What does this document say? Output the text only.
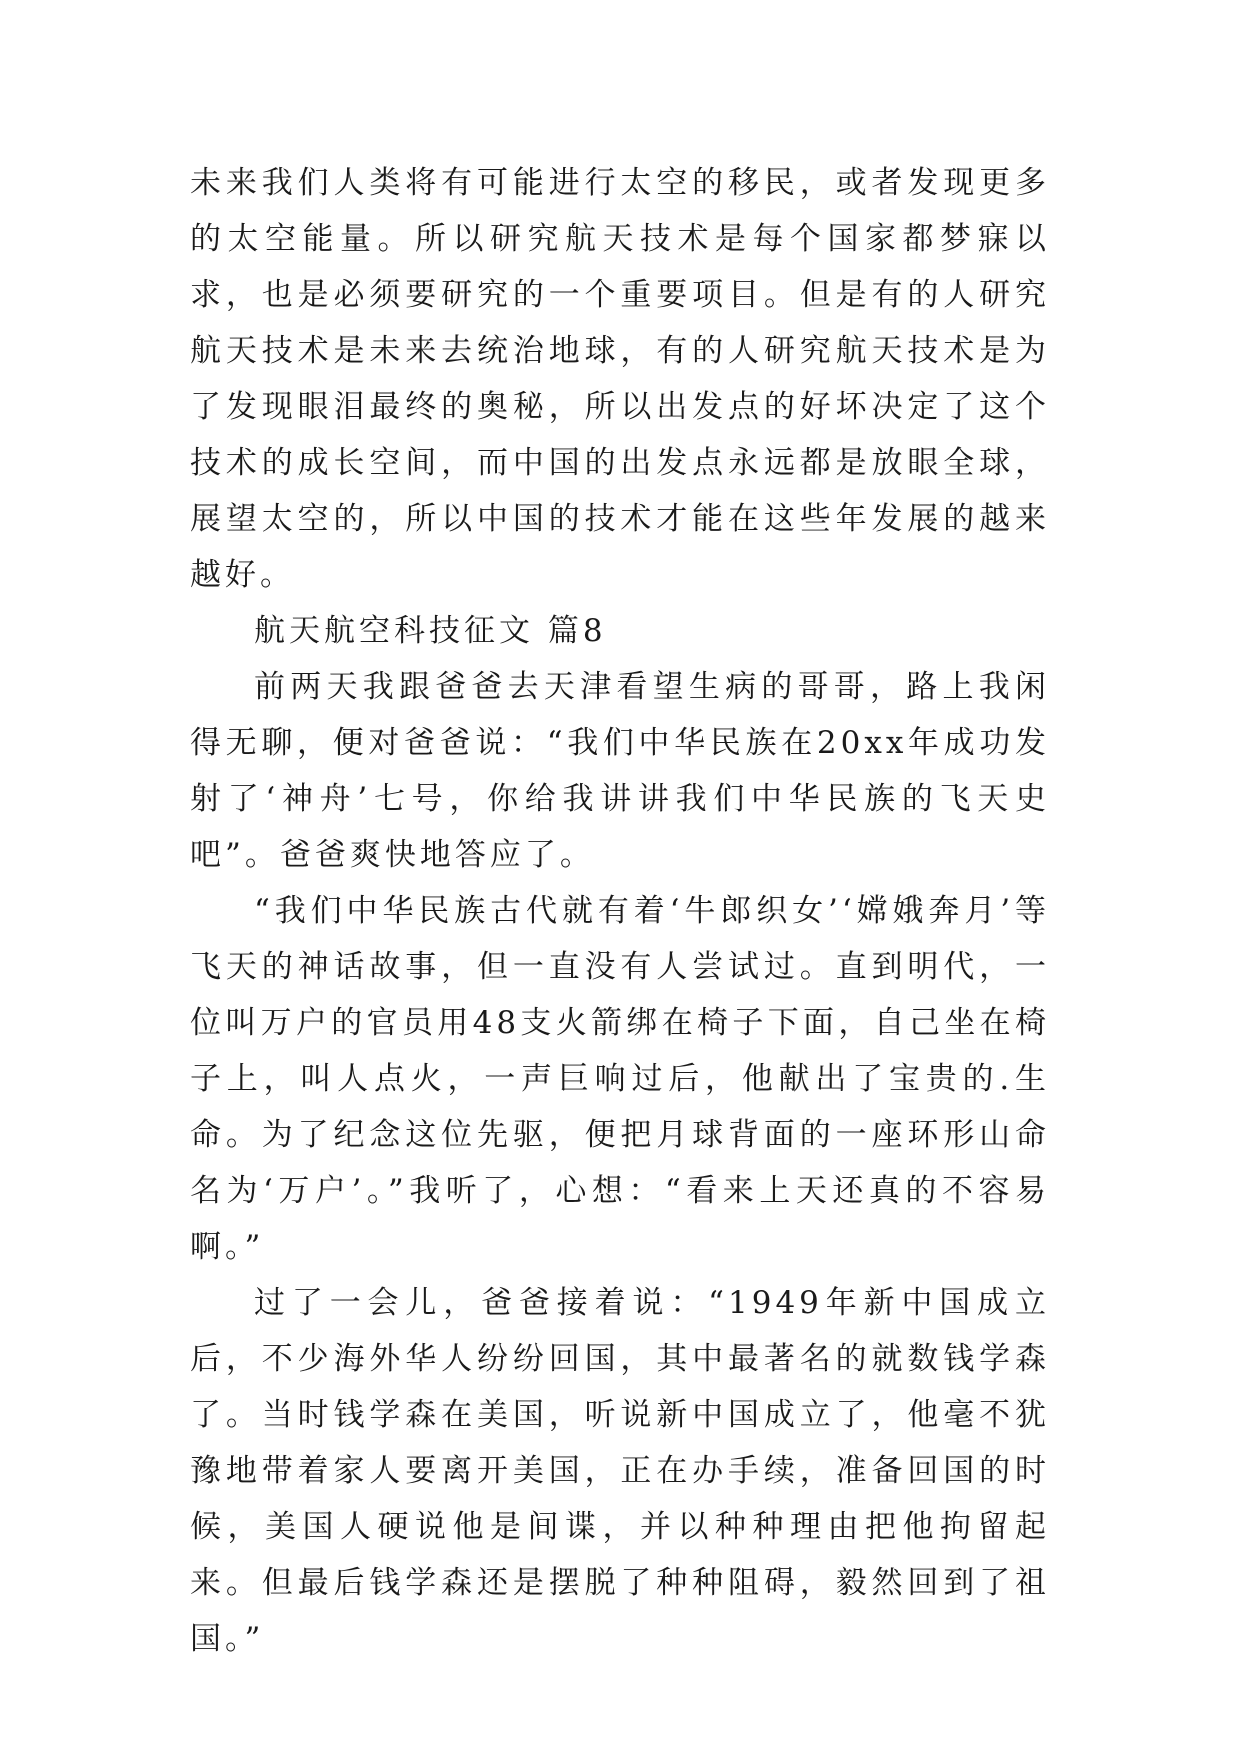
未来我们人类将有可能进行太空的移民，或者发现更多的太空能量。所以研究航天技术是每个国家都梦寐以求，也是必须要研究的一个重要项目。但是有的人研究航天技术是未来去统治地球，有的人研究航天技术是为了发现眼泪最终的奥秘，所以出发点的好坏决定了这个技术的成长空间，而中国的出发点永远都是放眼全球，展望太空的，所以中国的技术才能在这些年发展的越来越好。

航天航空科技征文 篇8

前两天我跟爸爸去天津看望生病的哥哥，路上我闲得无聊，便对爸爸说：“我们中华民族在20xx年成功发射了‘神舟’七号，你给我讲讲我们中华民族的飞天史吧”。爸爸爽快地答应了。

“我们中华民族古代就有着‘牛郎织女’‘嫦娥奔月’等飞天的神话故事，但一直没有人尝试过。直到明代，一位叫万户的官员用48支火箭绑在椅子下面，自己坐在椅子上，叫人点火，一声巨响过后，他献出了宝贵的.生命。为了纪念这位先驱，便把月球背面的一座环形山命名为‘万户’。”我听了，心想：“看来上天还真的不容易啊。”

过了一会儿，爸爸接着说：“1949年新中国成立后，不少海外华人纷纷回国，其中最著名的就数钱学森了。当时钱学森在美国，听说新中国成立了，他毫不犹豫地带着家人要离开美国，正在办手续，准备回国的时候，美国人硬说他是间谍，并以种种理由把他拘留起来。但最后钱学森还是摆脱了种种阻碍，毅然回到了祖国。”
